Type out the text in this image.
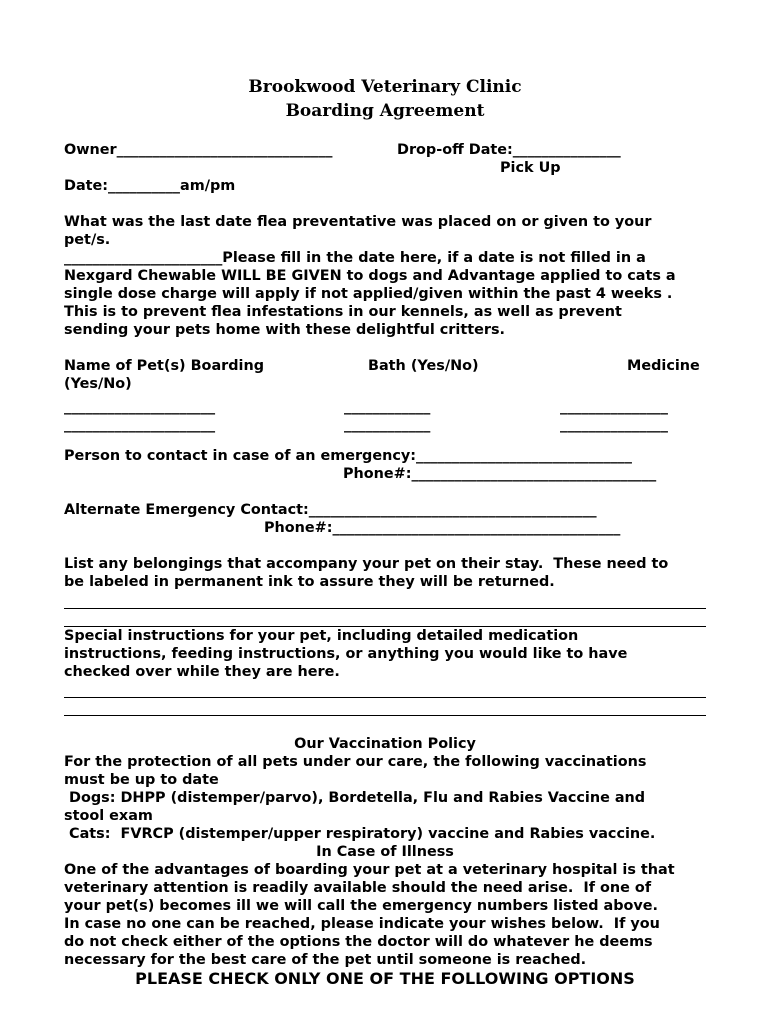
Brookwood Veterinary Clinic
Boarding Agreement
Owner______________________________	Drop-off Date:_______________
Pick Up
Date:__________am/pm
What was the last date flea preventative was placed on or given to your
pet/s.
______________________Please fill in the date here, if a date is not filled in a
Nexgard Chewable WILL BE GIVEN to dogs and Advantage applied to cats a
single dose charge will apply if not applied/given within the past 4 weeks .
This is to prevent flea infestations in our kennels, as well as prevent
sending your pets home with these delightful critters.
Name of Pet(s) Boarding	Bath (Yes/No)	Medicine
(Yes/No)
_____________________	____________	_______________
_____________________	____________	_______________
Person to contact in case of an emergency:______________________________
Phone#:__________________________________
Alternate Emergency Contact:________________________________________
Phone#:________________________________________
List any belongings that accompany your pet on their stay.  These need to
be labeled in permanent ink to assure they will be returned.
Special instructions for your pet, including detailed medication
instructions, feeding instructions, or anything you would like to have
checked over while they are here.
Our Vaccination Policy
For the protection of all pets under our care, the following vaccinations
must be up to date
Dogs: DHPP (distemper/parvo), Bordetella, Flu and Rabies Vaccine and
stool exam
Cats:  FVRCP (distemper/upper respiratory) vaccine and Rabies vaccine.
In Case of Illness
One of the advantages of boarding your pet at a veterinary hospital is that
veterinary attention is readily available should the need arise.  If one of
your pet(s) becomes ill we will call the emergency numbers listed above.
In case no one can be reached, please indicate your wishes below.  If you
do not check either of the options the doctor will do whatever he deems
necessary for the best care of the pet until someone is reached.
PLEASE CHECK ONLY ONE OF THE FOLLOWING OPTIONS
